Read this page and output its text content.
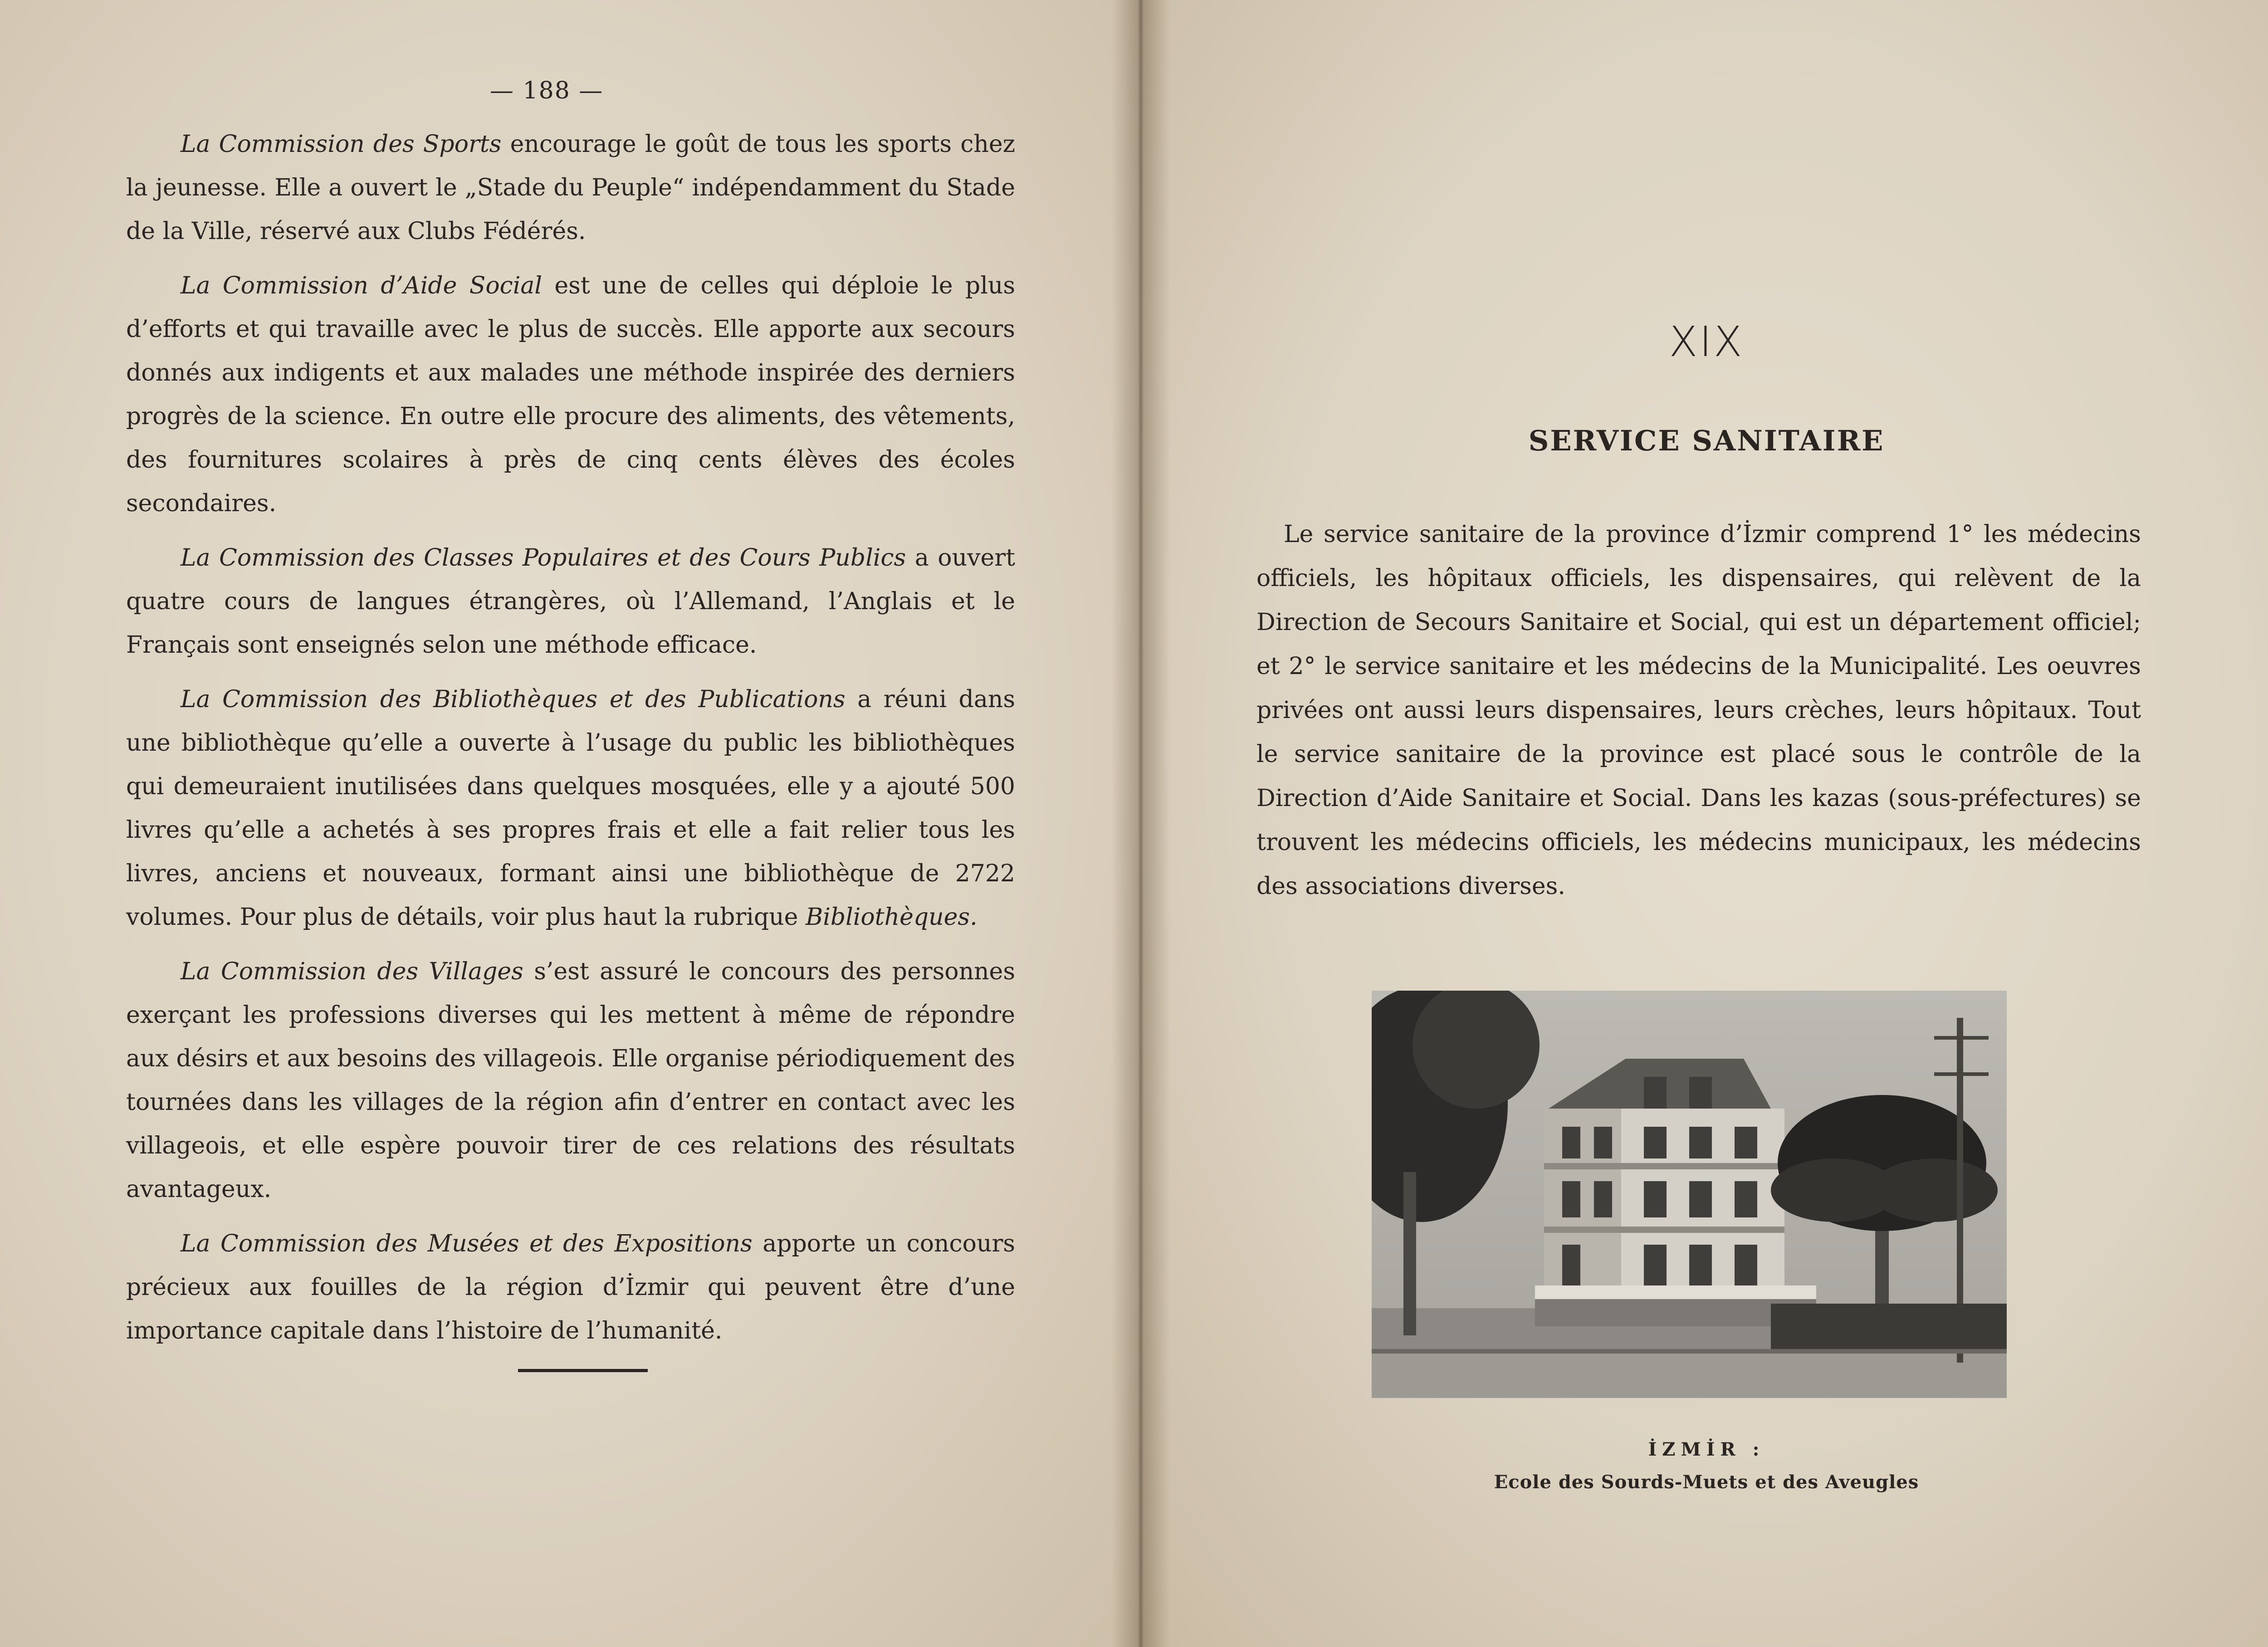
— 188 —

La Commission des Sports encourage le goût de tous les sports chez la jeunesse. Elle a ouvert le „Stade du Peuple“ indépendamment du Stade de la Ville, réservé aux Clubs Fédérés.

La Commission d’Aide Social est une de celles qui déploie le plus d’efforts et qui travaille avec le plus de succès. Elle apporte aux secours donnés aux indigents et aux malades une méthode inspirée des derniers progrès de la science. En outre elle procure des aliments, des vêtements, des fournitures scolaires à près de cinq cents élèves des écoles secondaires.

La Commission des Classes Populaires et des Cours Publics a ouvert quatre cours de langues étrangères, où l’Allemand, l’Anglais et le Français sont enseignés selon une méthode efficace.

La Commission des Bibliothèques et des Publications a réuni dans une bibliothèque qu’elle a ouverte à l’usage du public les bibliothèques qui demeuraient inutilisées dans quelques mosquées, elle y a ajouté 500 livres qu’elle a achetés à ses propres frais et elle a fait relier tous les livres, anciens et nouveaux, formant ainsi une bibliothèque de 2722 volumes. Pour plus de détails, voir plus haut la rubrique Bibliothèques.

La Commission des Villages s’est assuré le concours des personnes exerçant les professions diverses qui les mettent à même de répondre aux désirs et aux besoins des villageois. Elle organise périodiquement des tournées dans les villages de la région afin d’entrer en contact avec les villageois, et elle espère pouvoir tirer de ces relations des résultats avantageux.

La Commission des Musées et des Expositions apporte un concours précieux aux fouilles de la région d’İzmir qui peuvent être d’une importance capitale dans l’histoire de l’humanité.

XIX
SERVICE SANITAIRE

Le service sanitaire de la province d’İzmir comprend 1° les médecins officiels, les hôpitaux officiels, les dispensaires, qui relèvent de la Direction de Secours Sanitaire et Social, qui est un département officiel; et 2° le service sanitaire et les médecins de la Municipalité. Les oeuvres privées ont aussi leurs dispensaires, leurs crèches, leurs hôpitaux. Tout le service sanitaire de la province est placé sous le contrôle de la Direction d’Aide Sanitaire et Social. Dans les kazas (sous-préfectures) se trouvent les médecins officiels, les médecins municipaux, les médecins des associations diverses.

İZMİR :
Ecole des Sourds-Muets et des Aveugles
